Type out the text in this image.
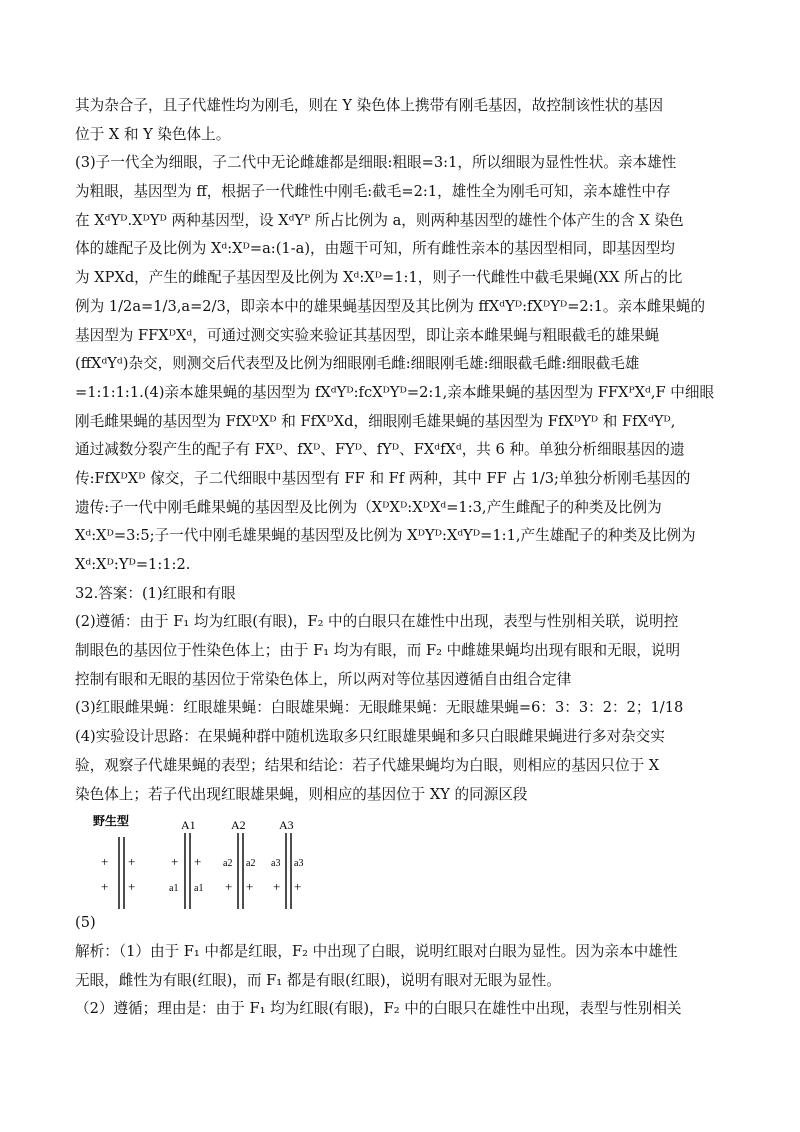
其为杂合子，且子代雄性均为刚毛，则在 Y 染色体上携带有刚毛基因，故控制该性状的基因
位于 X 和 Y 染色体上。
(3)子一代全为细眼，子二代中无论雌雄都是细眼:粗眼=3:1，所以细眼为显性性状。亲本雄性
为粗眼，基因型为 ff，根据子一代雌性中刚毛:截毛=2:1，雄性全为刚毛可知，亲本雄性中存
在 XᵈYᴰ.XᴰYᴰ 两种基因型，设 XᵈYᴾ 所占比例为 a，则两种基因型的雄性个体产生的含 X 染色
体的雄配子及比例为 Xᵈ:Xᴰ=a:(1-a)，由题干可知，所有雌性亲本的基因型相同，即基因型均
为 XPXd，产生的雌配子基因型及比例为 Xᵈ:Xᴰ=1:1，则子一代雌性中截毛果蝇(XX 所占的比
例为 1/2a=1/3,a=2/3，即亲本中的雄果蝇基因型及其比例为 ffXᵈYᴰ:fXᴰYᴰ=2:1。亲本雌果蝇的
基因型为 FFXᴰXᵈ，可通过测交实验来验证其基因型，即让亲本雌果蝇与粗眼截毛的雄果蝇
(ffXᵈYᵈ)杂交，则测交后代表型及比例为细眼刚毛雌:细眼刚毛雄:细眼截毛雌:细眼截毛雄
=1:1:1:1.(4)亲本雄果蝇的基因型为 fXᵈYᴰ:fcXᴰYᴰ=2:1,亲本雌果蝇的基因型为 FFXᴾXᵈ,F 中细眼
刚毛雌果蝇的基因型为 FfXᴰXᴰ 和 FfXᴰXd，细眼刚毛雄果蝇的基因型为 FfXᴰYᴰ 和 FfXᵈYᴰ,
通过减数分裂产生的配子有 FXᴰ、fXᴰ、FYᴰ、fYᴰ、FXᵈfXᵈ，共 6 种。单独分析细眼基因的遗
传:FfXᴰXᴰ 傢交，子二代细眼中基因型有 FF 和 Ff 两种，其中 FF 占 1/3;单独分析刚毛基因的
遗传:子一代中刚毛雌果蝇的基因型及比例为（XᴰXᴰ:XᴰXᵈ=1:3,产生雌配子的种类及比例为
Xᵈ:Xᴰ=3:5;子一代中刚毛雄果蝇的基因型及比例为 XᴰYᴰ:XᵈYᴰ=1:1,产生雄配子的种类及比例为
Xᵈ:Xᴰ:Yᴰ=1:1:2.
32.答案：(1)红眼和有眼
(2)遵循：由于 F₁ 均为红眼(有眼)，F₂ 中的白眼只在雄性中出现，表型与性别相关联，说明控
制眼色的基因位于性染色体上；由于 F₁ 均为有眼，而 F₂ 中雌雄果蝇均出现有眼和无眼，说明
控制有眼和无眼的基因位于常染色体上，所以两对等位基因遵循自由组合定律
(3)红眼雌果蝇：红眼雄果蝇：白眼雄果蝇：无眼雌果蝇：无眼雄果蝇=6：3：3：2：2；1/18
(4)实验设计思路：在果蝇种群中随机选取多只红眼雄果蝇和多只白眼雌果蝇进行多对杂交实
验，观察子代雄果蝇的表型；结果和结论：若子代雄果蝇均为白眼，则相应的基因只位于 X
染色体上；若子代出现红眼雄果蝇，则相应的基因位于 XY 的同源区段
野生型
+ +
+ +
A1
+ +
a1 a1
A2
a2 a2
+ +
A3
a3 a3
+ +
(5)
解析：（1）由于 F₁ 中都是红眼，F₂ 中出现了白眼，说明红眼对白眼为显性。因为亲本中雄性
无眼，雌性为有眼(红眼)，而 F₁ 都是有眼(红眼)，说明有眼对无眼为显性。
（2）遵循；理由是：由于 F₁ 均为红眼(有眼)，F₂ 中的白眼只在雄性中出现，表型与性别相关
